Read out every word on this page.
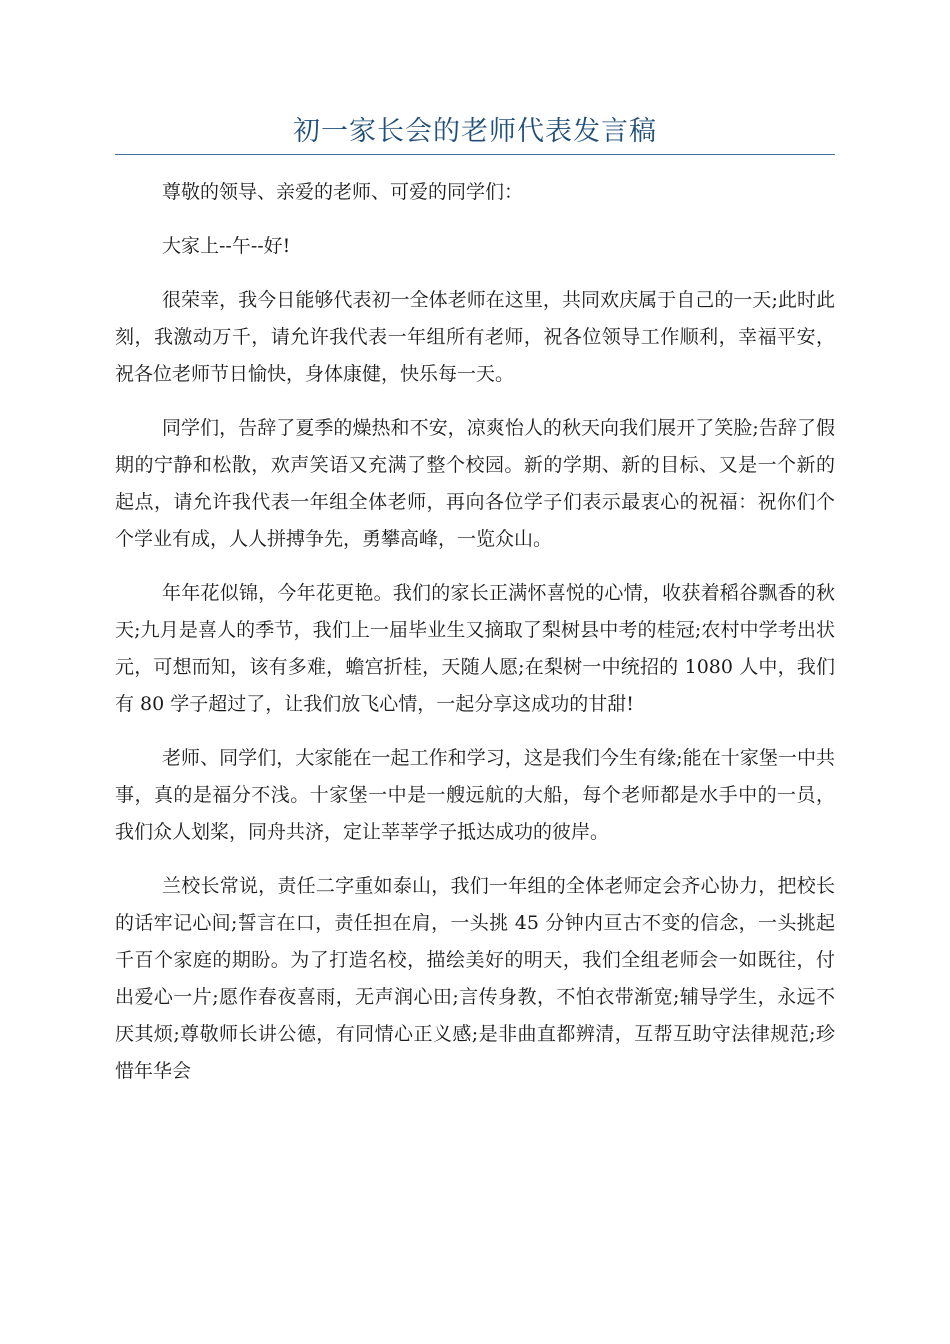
初一家长会的老师代表发言稿

尊敬的领导、亲爱的老师、可爱的同学们：

大家上--午--好!

很荣幸，我今日能够代表初一全体老师在这里，共同欢庆属于自己的一天;此时此刻，我激动万千，请允许我代表一年组所有老师，祝各位领导工作顺利，幸福平安，祝各位老师节日愉快，身体康健，快乐每一天。

同学们，告辞了夏季的燥热和不安，凉爽怡人的秋天向我们展开了笑脸;告辞了假期的宁静和松散，欢声笑语又充满了整个校园。新的学期、新的目标、又是一个新的起点，请允许我代表一年组全体老师，再向各位学子们表示最衷心的祝福：祝你们个个学业有成，人人拼搏争先，勇攀高峰，一览众山。

年年花似锦，今年花更艳。我们的家长正满怀喜悦的心情，收获着稻谷飘香的秋天;九月是喜人的季节，我们上一届毕业生又摘取了梨树县中考的桂冠;农村中学考出状元，可想而知，该有多难，蟾宫折桂，天随人愿;在梨树一中统招的 1080 人中，我们有 80 学子超过了，让我们放飞心情，一起分享这成功的甘甜!

老师、同学们，大家能在一起工作和学习，这是我们今生有缘;能在十家堡一中共事，真的是福分不浅。十家堡一中是一艘远航的大船，每个老师都是水手中的一员，我们众人划桨，同舟共济，定让莘莘学子抵达成功的彼岸。

兰校长常说，责任二字重如泰山，我们一年组的全体老师定会齐心协力，把校长的话牢记心间;誓言在口，责任担在肩，一头挑 45 分钟内亘古不变的信念，一头挑起千百个家庭的期盼。为了打造名校，描绘美好的明天，我们全组老师会一如既往，付出爱心一片;愿作春夜喜雨，无声润心田;言传身教，不怕衣带渐宽;辅导学生，永远不厌其烦;尊敬师长讲公德，有同情心正义感;是非曲直都辨清，互帮互助守法律规范;珍惜年华会
